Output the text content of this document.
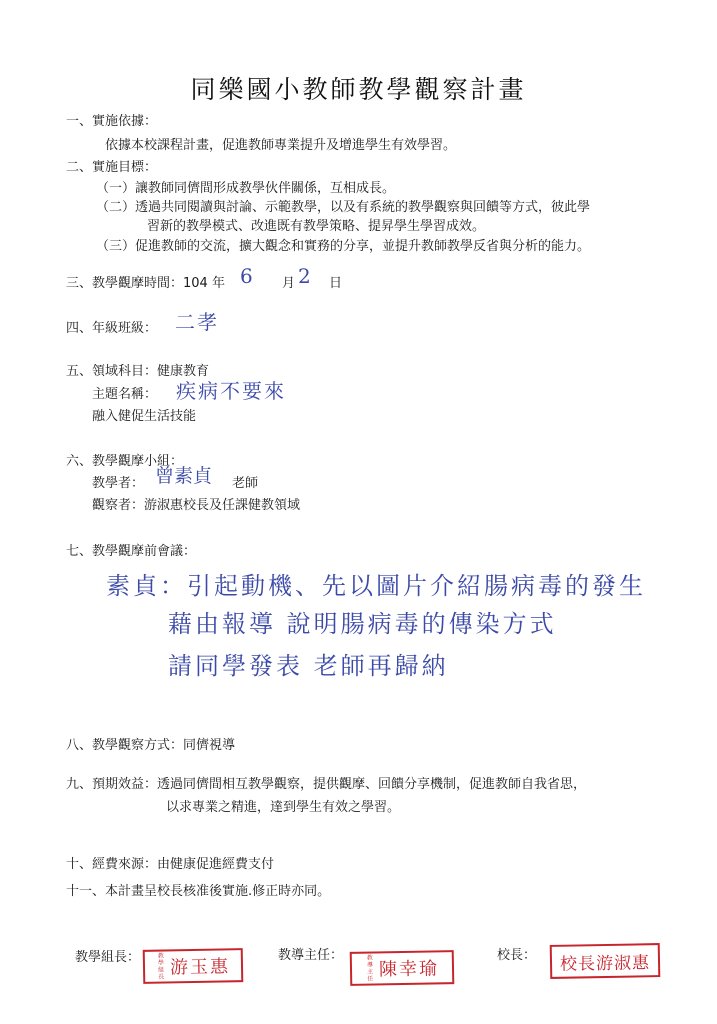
同樂國小教師教學觀察計畫
一、實施依據：
依據本校課程計畫，促進教師專業提升及增進學生有效學習。
二、實施目標：
（一）讓教師同儕間形成教學伙伴關係，互相成長。
（二）透過共同閱讀與討論、示範教學，以及有系統的教學觀察與回饋等方式，彼此學
習新的教學模式、改進既有教學策略、提昇學生學習成效。
（三）促進教師的交流，擴大觀念和實務的分享，並提升教師教學反省與分析的能力。
三、教學觀摩時間：104 年 6 月 2 日
四、年級班級： 二孝
五、領域科目：健康教育
主題名稱： 疾病不要來
融入健促生活技能
六、教學觀摩小組：
教學者： 曾素貞 老師
觀察者：游淑惠校長及任課健教領域
七、教學觀摩前會議：
素貞：引起動機、先以圖片介紹腸病毒的發生
藉由報導 說明腸病毒的傳染方式
請同學發表 老師再歸納
八、教學觀察方式：同儕視導
九、預期效益：透過同儕間相互教學觀察，提供觀摩、回饋分享機制，促進教師自我省思，
以求專業之精進，達到學生有效之學習。
十、經費來源：由健康促進經費支付
十一、本計畫呈校長核准後實施.修正時亦同。
教學組長：	教學組長 游玉惠
教導主任：	教導主任 陳幸瑜
校長： 校長游淑惠
